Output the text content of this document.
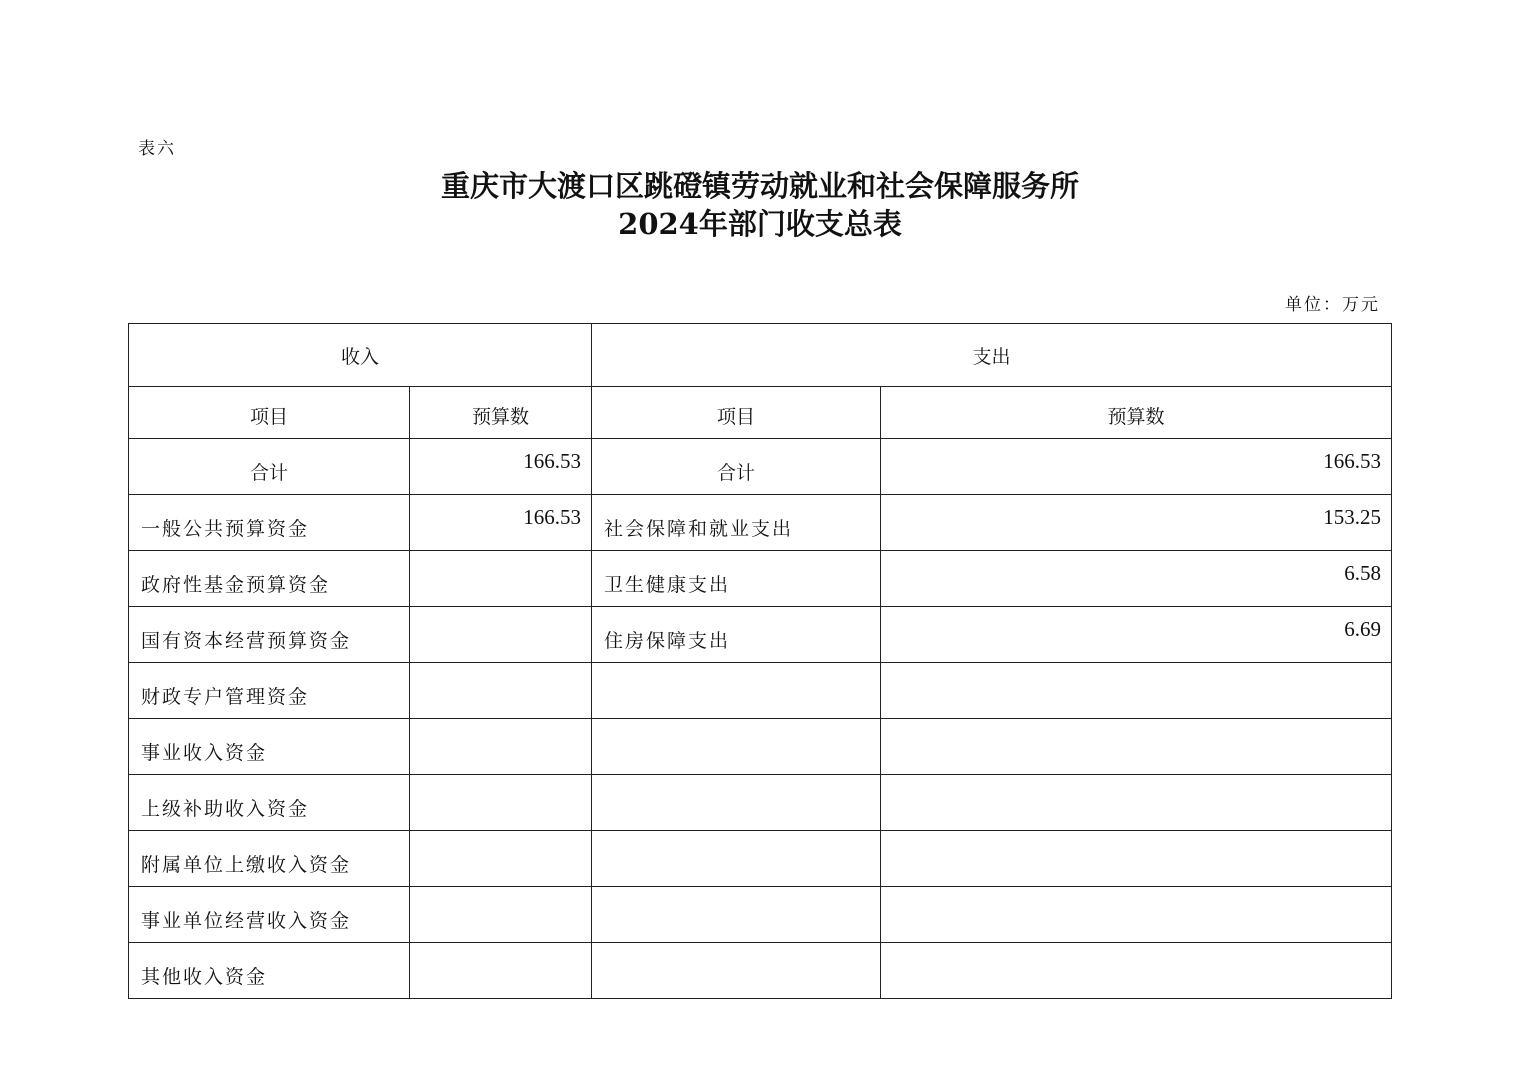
表六
重庆市大渡口区跳磴镇劳动就业和社会保障服务所
2024年部门收支总表
单位：万元
收入		支出	
项目	预算数	项目	预算数
合计	166.53	合计	166.53
一般公共预算资金	166.53	社会保障和就业支出	153.25
政府性基金预算资金		卫生健康支出	6.58
国有资本经营预算资金		住房保障支出	6.69
财政专户管理资金			
事业收入资金			
上级补助收入资金			
附属单位上缴收入资金			
事业单位经营收入资金			
其他收入资金			
